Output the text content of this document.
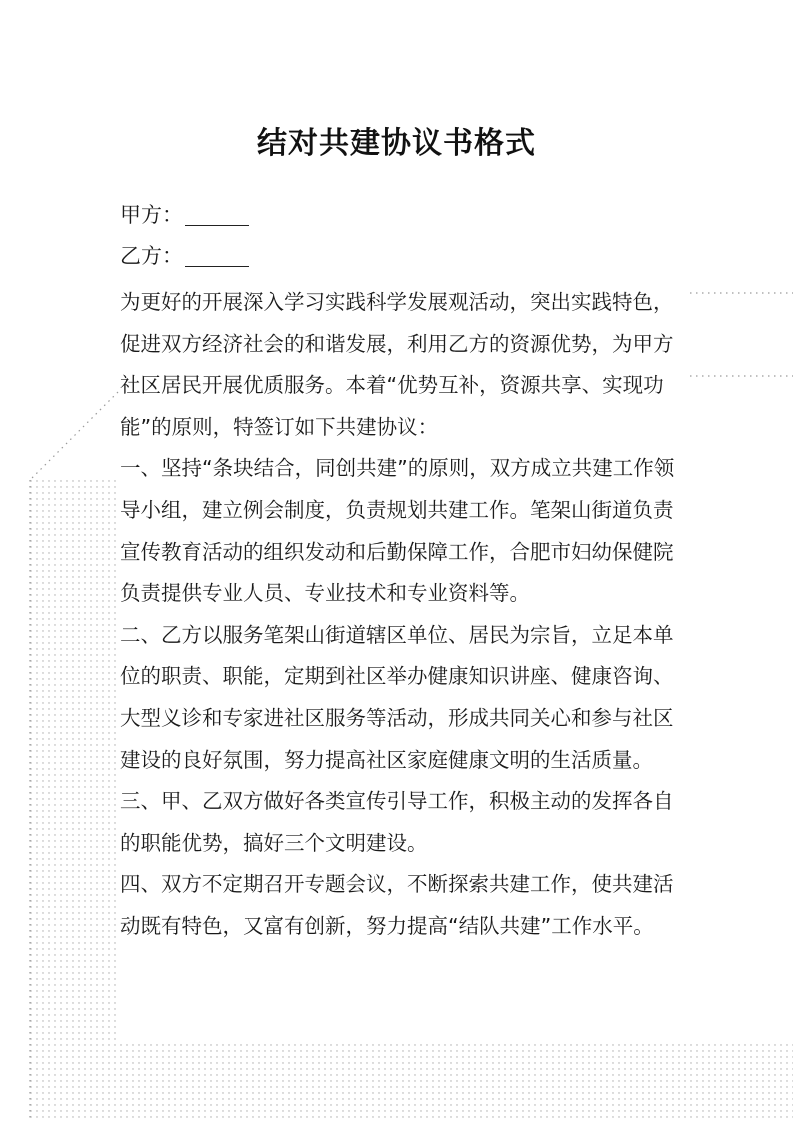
结对共建协议书格式
甲方：
乙方：

为更好的开展深入学习实践科学发展观活动，突出实践特色，促进双方经济社会的和谐发展，利用乙方的资源优势，为甲方社区居民开展优质服务。本着“优势互补，资源共享、实现功能”的原则，特签订如下共建协议：

一、坚持“条块结合，同创共建”的原则，双方成立共建工作领导小组，建立例会制度，负责规划共建工作。笔架山街道负责宣传教育活动的组织发动和后勤保障工作，合肥市妇幼保健院负责提供专业人员、专业技术和专业资料等。

二、乙方以服务笔架山街道辖区单位、居民为宗旨，立足本单位的职责、职能，定期到社区举办健康知识讲座、健康咨询、大型义诊和专家进社区服务等活动，形成共同关心和参与社区建设的良好氛围，努力提高社区家庭健康文明的生活质量。

三、甲、乙双方做好各类宣传引导工作，积极主动的发挥各自的职能优势，搞好三个文明建设。

四、双方不定期召开专题会议，不断探索共建工作，使共建活动既有特色，又富有创新，努力提高“结队共建”工作水平。
